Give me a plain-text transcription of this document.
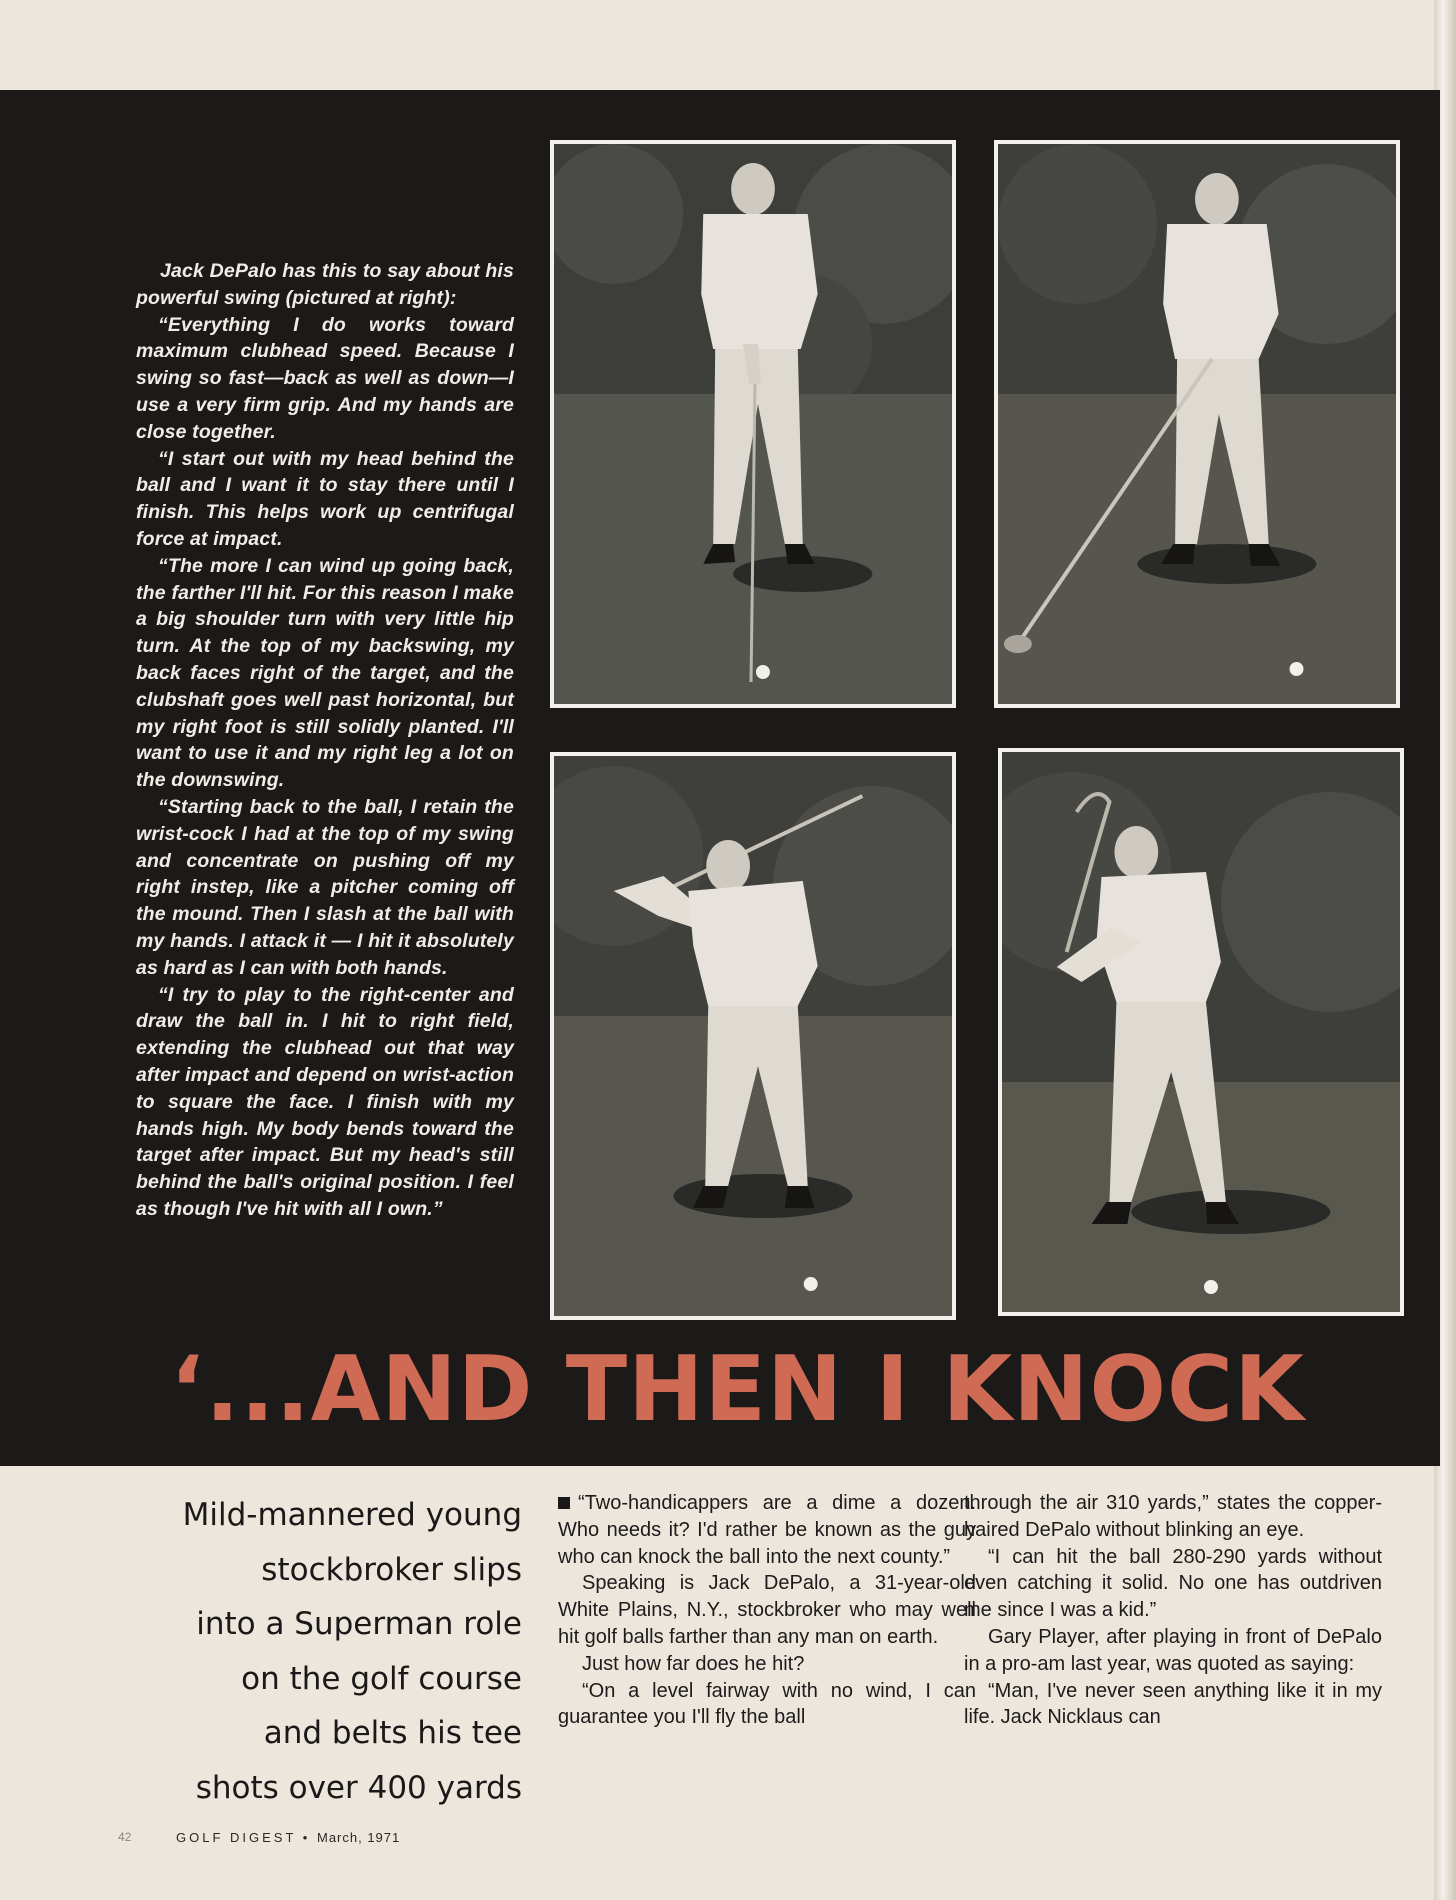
Jack DePalo has this to say about his powerful swing (pictured at right):

“Everything I do works toward maximum clubhead speed. Because I swing so fast—back as well as down—I use a very firm grip. And my hands are close together.

“I start out with my head behind the ball and I want it to stay there until I finish. This helps work up centrifugal force at impact.

“The more I can wind up going back, the farther I'll hit. For this reason I make a big shoulder turn with very little hip turn. At the top of my backswing, my back faces right of the target, and the clubshaft goes well past horizontal, but my right foot is still solidly planted. I'll want to use it and my right leg a lot on the downswing.

“Starting back to the ball, I retain the wrist-cock I had at the top of my swing and concentrate on pushing off my right instep, like a pitcher coming off the mound. Then I slash at the ball with my hands. I attack it — I hit it absolutely as hard as I can with both hands.

“I try to play to the right-center and draw the ball in. I hit to right field, extending the clubhead out that way after impact and depend on wrist-action to square the face. I finish with my hands high. My body bends toward the target after impact. But my head's still behind the ball's original position. I feel as though I've hit with all I own.”

‘...AND THEN I KNOCK
Mild-mannered young
stockbroker slips
into a Superman role
on the golf course
and belts his tee
shots over 400 yards

“Two-handicappers are a dime a dozen. Who needs it? I'd rather be known as the guy who can knock the ball into the next county.”

Speaking is Jack DePalo, a 31-year-old White Plains, N.Y., stockbroker who may well hit golf balls farther than any man on earth.

Just how far does he hit?

“On a level fairway with no wind, I can guarantee you I'll fly the ball

through the air 310 yards,” states the copper-haired DePalo without blinking an eye.

“I can hit the ball 280-290 yards without even catching it solid. No one has outdriven me since I was a kid.”

Gary Player, after playing in front of DePalo in a pro-am last year, was quoted as saying:

“Man, I've never seen anything like it in my life. Jack Nicklaus can

42	GOLF DIGEST • March, 1971
